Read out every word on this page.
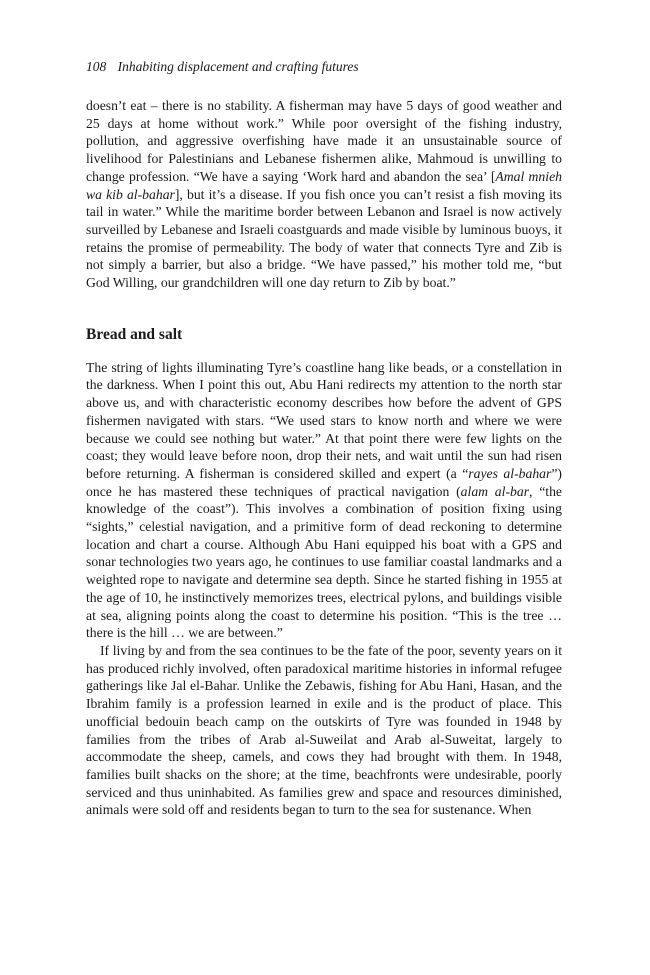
108 Inhabiting displacement and crafting futures

doesn’t eat – there is no stability. A fisherman may have 5 days of good weather and 25 days at home without work.” While poor oversight of the fishing industry, pollution, and aggressive overfishing have made it an unsustainable source of livelihood for Palestinians and Lebanese fishermen alike, Mahmoud is unwilling to change profession. “We have a saying ‘Work hard and abandon the sea’ [Amal mnieh wa kib al-bahar], but it’s a disease. If you fish once you can’t resist a fish moving its tail in water.” While the maritime border between Lebanon and Israel is now actively surveilled by Lebanese and Israeli coastguards and made visible by luminous buoys, it retains the promise of permeability. The body of water that connects Tyre and Zib is not simply a barrier, but also a bridge. “We have passed,” his mother told me, “but God Willing, our grandchildren will one day return to Zib by boat.”

Bread and salt

The string of lights illuminating Tyre’s coastline hang like beads, or a constellation in the darkness. When I point this out, Abu Hani redirects my attention to the north star above us, and with characteristic economy describes how before the advent of GPS fishermen navigated with stars. “We used stars to know north and where we were because we could see nothing but water.” At that point there were few lights on the coast; they would leave before noon, drop their nets, and wait until the sun had risen before returning. A fisherman is considered skilled and expert (a “rayes al-bahar”) once he has mastered these techniques of practical navigation (alam al-bar, “the knowledge of the coast”). This involves a combination of position fixing using “sights,” celestial navigation, and a primitive form of dead reckoning to determine location and chart a course. Although Abu Hani equipped his boat with a GPS and sonar technologies two years ago, he continues to use familiar coastal landmarks and a weighted rope to navigate and determine sea depth. Since he started fishing in 1955 at the age of 10, he instinctively memorizes trees, electrical pylons, and buildings visible at sea, aligning points along the coast to determine his position. “This is the tree … there is the hill … we are between.”

If living by and from the sea continues to be the fate of the poor, seventy years on it has produced richly involved, often paradoxical maritime histories in informal refugee gatherings like Jal el-Bahar. Unlike the Zebawis, fishing for Abu Hani, Hasan, and the Ibrahim family is a profession learned in exile and is the product of place. This unofficial bedouin beach camp on the outskirts of Tyre was founded in 1948 by families from the tribes of Arab al-Suweilat and Arab al-Suweitat, largely to accommodate the sheep, camels, and cows they had brought with them. In 1948, families built shacks on the shore; at the time, beachfronts were undesirable, poorly serviced and thus uninhabited. As families grew and space and resources diminished, animals were sold off and residents began to turn to the sea for sustenance. When
